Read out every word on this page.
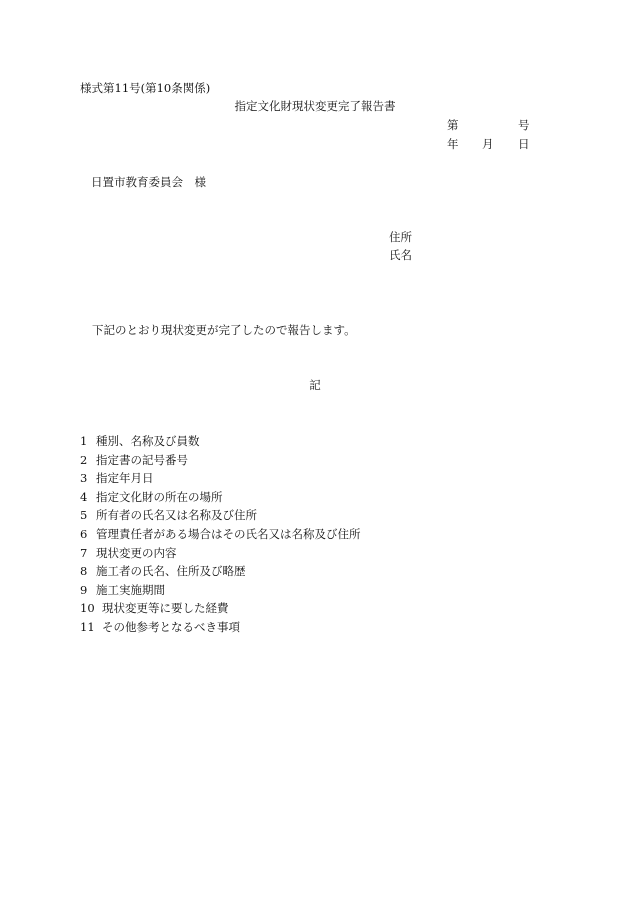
様式第11号(第10条関係)
指定文化財現状変更完了報告書
第	号
年 月 日
日置市教育委員会　様
住所
氏名
下記のとおり現状変更が完了したので報告します。
記
1 種別、名称及び員数
2 指定書の記号番号
3 指定年月日
4 指定文化財の所在の場所
5 所有者の氏名又は名称及び住所
6 管理責任者がある場合はその氏名又は名称及び住所
7 現状変更の内容
8 施工者の氏名、住所及び略歴
9 施工実施期間
10 現状変更等に要した経費
11 その他参考となるべき事項
